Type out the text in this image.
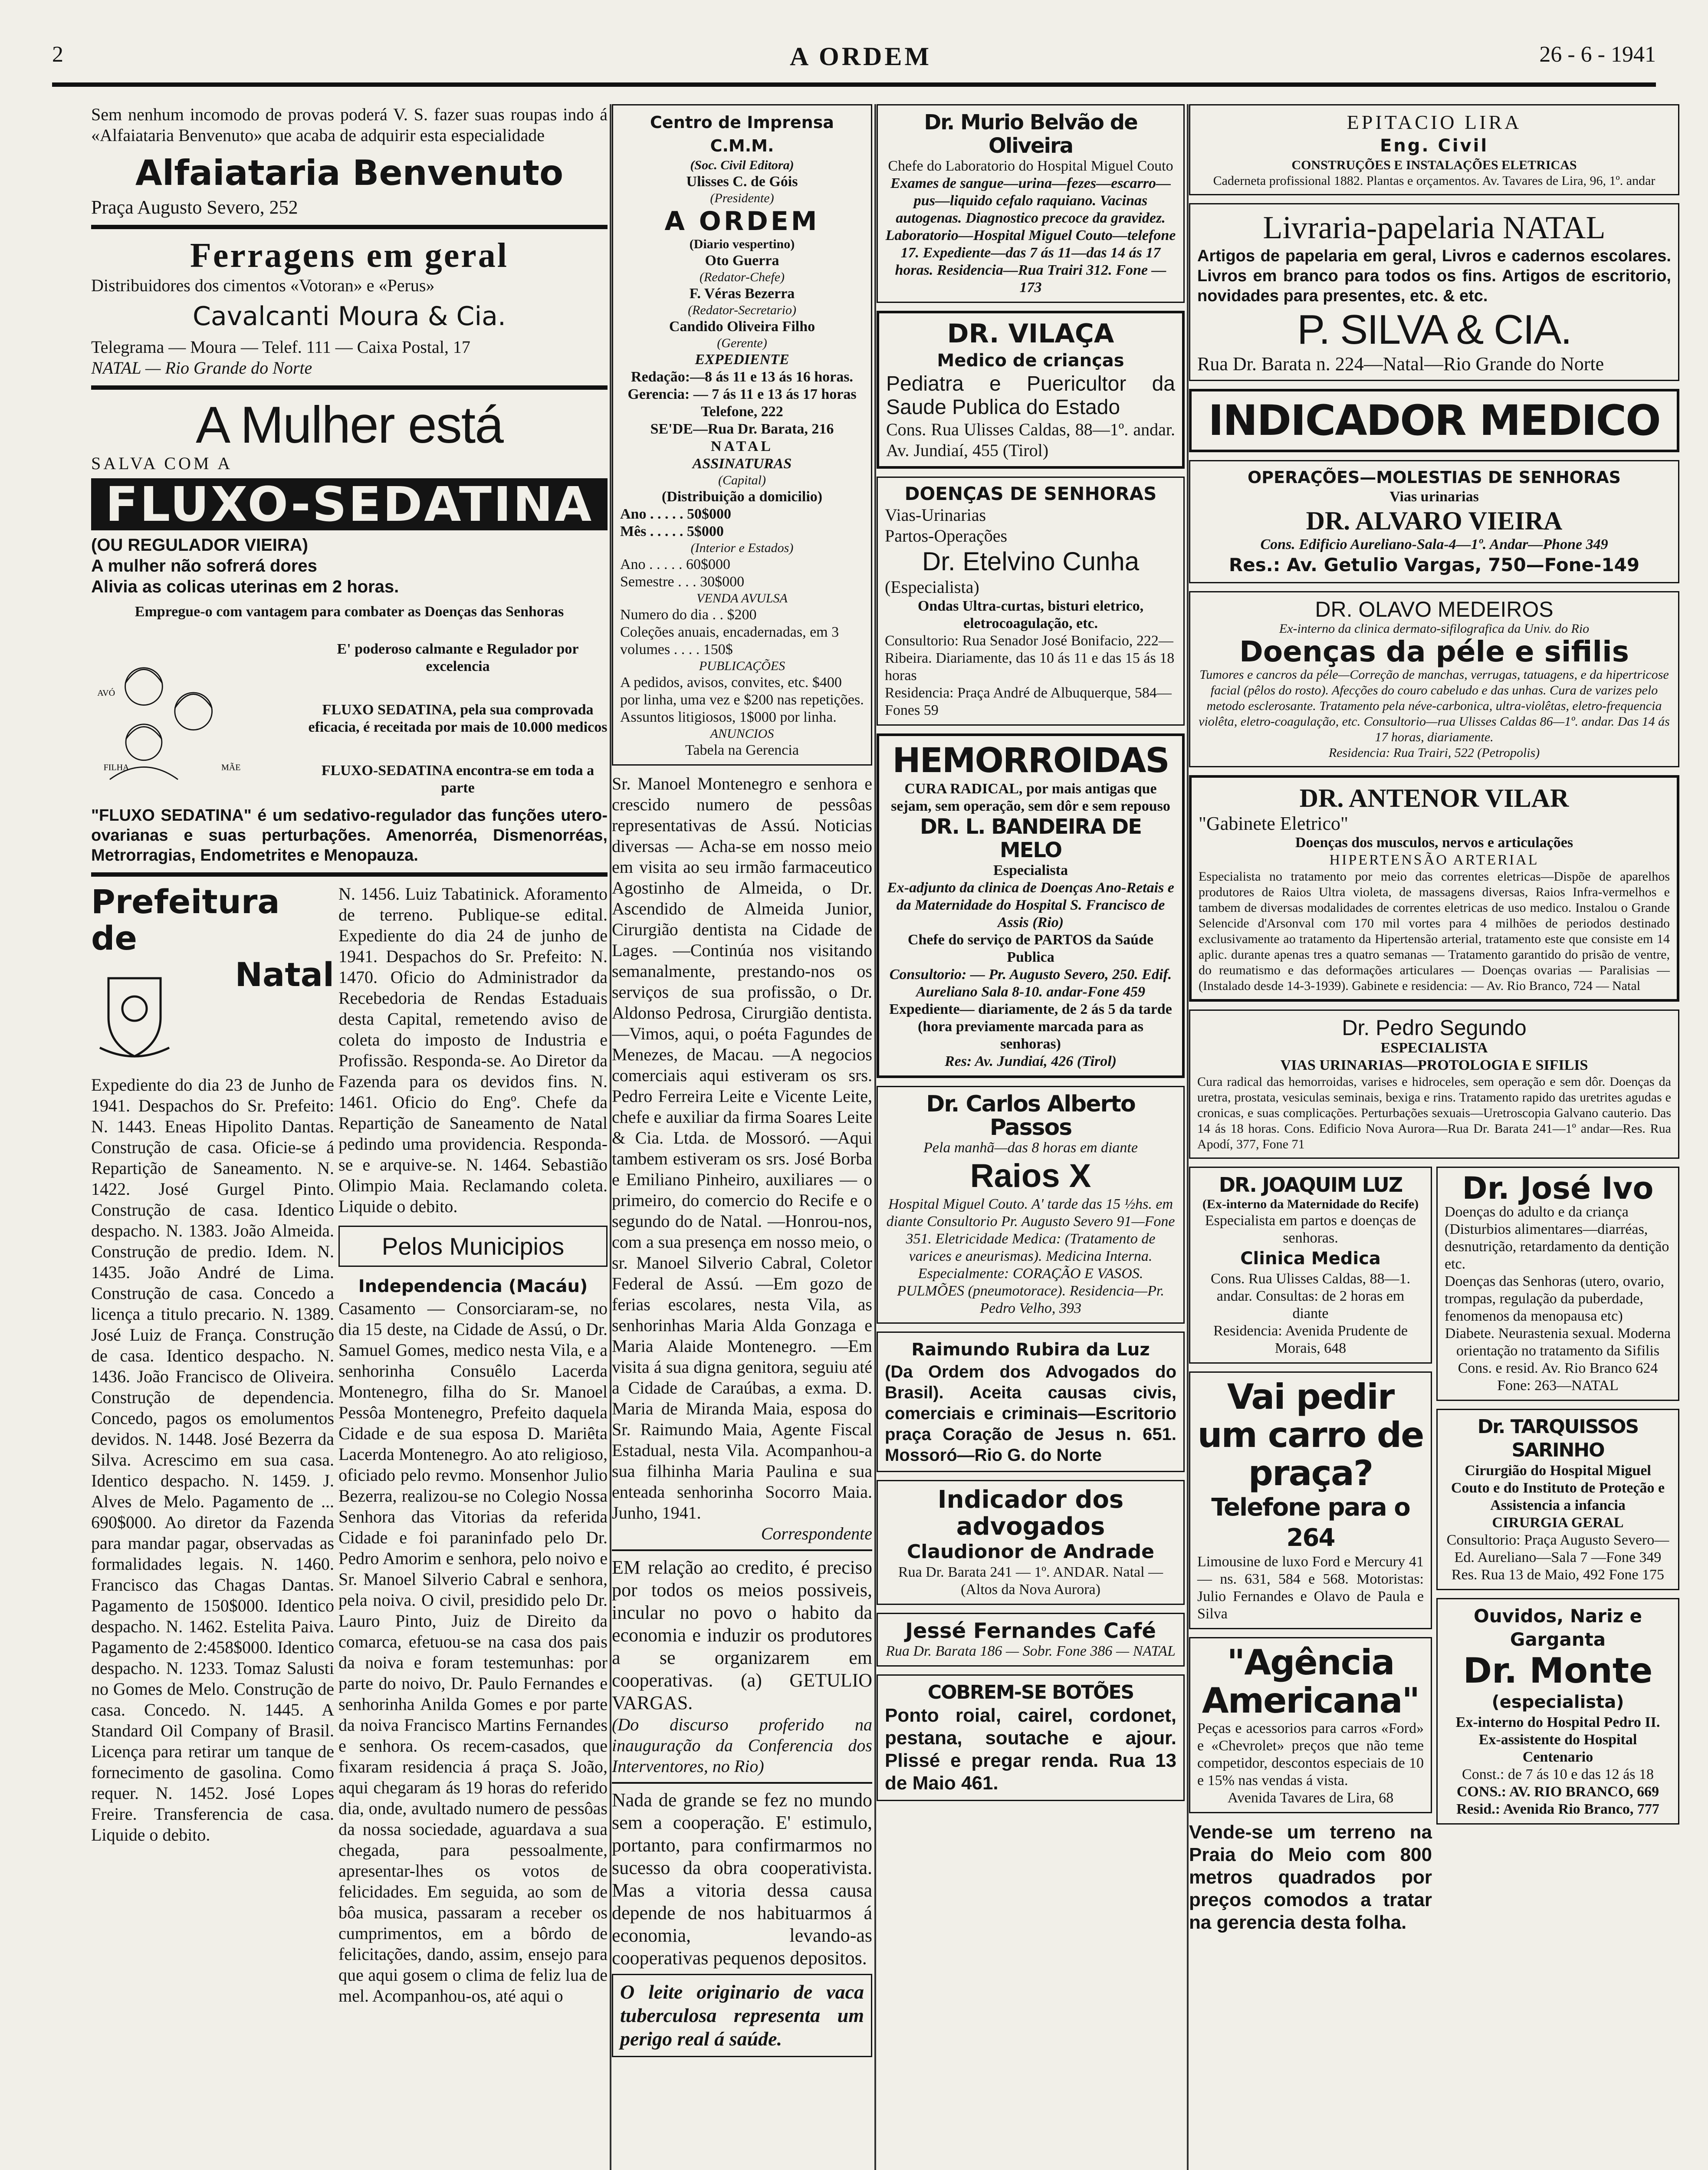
2	A ORDEM	26 - 6 - 1941
Sem nenhum incomodo de provas poderá V. S. fazer suas roupas indo á «Alfaiataria Benvenuto» que acaba de adquirir esta especialidade
Alfaiataria Benvenuto
Praça Augusto Severo, 252
Ferragens em geral
Distribuidores dos cimentos «Votoran» e «Perus»
Cavalcanti Moura & Cia.
Telegrama — Moura — Telef. 111 — Caixa Postal, 17
NATAL — Rio Grande do Norte
A Mulher está
SALVA COM A
FLUXO-SEDATINA
(OU REGULADOR VIEIRA)
A mulher não sofrerá dores
Alivia as colicas uterinas em 2 horas.
Empregue-o com vantagem para combater as Doenças das Senhoras
AVÓ
FILHA	MÃE
E' poderoso calmante e Regulador por excelencia
FLUXO SEDATINA, pela sua comprovada eficacia, é receitada por mais de 10.000 medicos
FLUXO-SEDATINA encontra-se em toda a parte
"FLUXO SEDATINA" é um sedativo-regulador das funções utero-ovarianas e suas perturbações. Amenorréa, Dismenorréas, Metrorragias, Endometrites e Menopauza.
Prefeitura de
Natal
Expediente do dia 23 de Junho de 1941. Despachos do Sr. Prefeito: N. 1443. Eneas Hipolito Dantas. Construção de casa. Oficie-se á Repartição de Saneamento. N. 1422. José Gurgel Pinto. Construção de casa. Identico despacho. N. 1383. João Almeida. Construção de predio. Idem. N. 1435. João André de Lima. Construção de casa. Concedo a licença a titulo precario. N. 1389. José Luiz de França. Construção de casa. Identico despacho. N. 1436. João Francisco de Oliveira. Construção de dependencia. Concedo, pagos os emolumentos devidos. N. 1448. José Bezerra da Silva. Acrescimo em sua casa. Identico despacho. N. 1459. J. Alves de Melo. Pagamento de ... 690$000. Ao diretor da Fazenda para mandar pagar, observadas as formalidades legais. N. 1460. Francisco das Chagas Dantas. Pagamento de 150$000. Identico despacho. N. 1462. Estelita Paiva. Pagamento de 2:458$000. Identico despacho. N. 1233. Tomaz Salusti no Gomes de Melo. Construção de casa. Concedo. N. 1445. A Standard Oil Company of Brasil. Licença para retirar um tanque de fornecimento de gasolina. Como requer. N. 1452. José Lopes Freire. Transferencia de casa. Liquide o debito.
N. 1456. Luiz Tabatinick. Aforamento de terreno. Publique-se edital. Expediente do dia 24 de junho de 1941. Despachos do Sr. Prefeito: N. 1470. Oficio do Administrador da Recebedoria de Rendas Estaduais desta Capital, remetendo aviso de coleta do imposto de Industria e Profissão. Responda-se. Ao Diretor da Fazenda para os devidos fins. N. 1461. Oficio do Engº. Chefe da Repartição de Saneamento de Natal pedindo uma providencia. Responda-se e arquive-se. N. 1464. Sebastião Olimpio Maia. Reclamando coleta. Liquide o debito.
Pelos Municipios
Independencia (Macáu)
Casamento — Consorciaram-se, no dia 15 deste, na Cidade de Assú, o Dr. Samuel Gomes, medico nesta Vila, e a senhorinha Consuêlo Lacerda Montenegro, filha do Sr. Manoel Pessôa Montenegro, Prefeito daquela Cidade e de sua esposa D. Mariêta Lacerda Montenegro. Ao ato religioso, oficiado pelo revmo. Monsenhor Julio Bezerra, realizou-se no Colegio Nossa Senhora das Vitorias da referida Cidade e foi paraninfado pelo Dr. Pedro Amorim e senhora, pelo noivo e Sr. Manoel Silverio Cabral e senhora, pela noiva. O civil, presidido pelo Dr. Lauro Pinto, Juiz de Direito da comarca, efetuou-se na casa dos pais da noiva e foram testemunhas: por parte do noivo, Dr. Paulo Fernandes e senhorinha Anilda Gomes e por parte da noiva Francisco Martins Fernandes e senhora. Os recem-casados, que fixaram residencia á praça S. João, aqui chegaram ás 19 horas do referido dia, onde, avultado numero de pessôas da nossa sociedade, aguardava a sua chegada, para pessoalmente, apresentar-lhes os votos de felicidades. Em seguida, ao som de bôa musica, passaram a receber os cumprimentos, em a bôrdo de felicitações, dando, assim, ensejo para que aqui gosem o clima de feliz lua de mel. Acompanhou-os, até aqui o
Centro de Imprensa C.M.M.
(Soc. Civil Editora)
Ulisses C. de Góis
(Presidente)
A ORDEM
(Diario vespertino)
Oto Guerra
(Redator-Chefe)
F. Véras Bezerra
(Redator-Secretario)
Candido Oliveira Filho
(Gerente)
EXPEDIENTE
Redação:—8 ás 11 e 13 ás 16 horas.
Gerencia: — 7 ás 11 e 13 ás 17 horas
Telefone, 222
SE'DE—Rua Dr. Barata, 216
NATAL
ASSINATURAS
(Capital)
(Distribuição a domicilio)
Ano . . . . . 50$000
Mês . . . . . 5$000
(Interior e Estados)
Ano . . . . . 60$000
Semestre . . . 30$000
VENDA AVULSA
Numero do dia . . $200
Coleções anuais, encadernadas, em 3 volumes . . . . 150$
PUBLICAÇÕES
A pedidos, avisos, convites, etc. $400 por linha, uma vez e $200 nas repetições. Assuntos litigiosos, 1$000 por linha.
ANUNCIOS
Tabela na Gerencia
Sr. Manoel Montenegro e senhora e crescido numero de pessôas representativas de Assú. Noticias diversas — Acha-se em nosso meio em visita ao seu irmão farmaceutico Agostinho de Almeida, o Dr. Ascendido de Almeida Junior, Cirurgião dentista na Cidade de Lages. —Continúa nos visitando semanalmente, prestando-nos os serviços de sua profissão, o Dr. Aldonso Pedrosa, Cirurgião dentista. —Vimos, aqui, o poéta Fagundes de Menezes, de Macau. —A negocios comerciais aqui estiveram os srs. Pedro Ferreira Leite e Vicente Leite, chefe e auxiliar da firma Soares Leite & Cia. Ltda. de Mossoró. —Aqui tambem estiveram os srs. José Borba e Emiliano Pinheiro, auxiliares — o primeiro, do comercio do Recife e o segundo do de Natal. —Honrou-nos, com a sua presença em nosso meio, o sr. Manoel Silverio Cabral, Coletor Federal de Assú. —Em gozo de ferias escolares, nesta Vila, as senhorinhas Maria Alda Gonzaga e Maria Alaide Montenegro. —Em visita á sua digna genitora, seguiu até a Cidade de Caraúbas, a exma. D. Maria de Miranda Maia, esposa do Sr. Raimundo Maia, Agente Fiscal Estadual, nesta Vila. Acompanhou-a sua filhinha Maria Paulina e sua enteada senhorinha Socorro Maia. Junho, 1941.
Correspondente
EM relação ao credito, é preciso por todos os meios possiveis, incular no povo o habito da economia e induzir os produtores a se organizarem em cooperativas. (a) GETULIO VARGAS.
(Do discurso proferido na inauguração da Conferencia dos Interventores, no Rio)
Nada de grande se fez no mundo sem a cooperação. E' estimulo, portanto, para confirmarmos no sucesso da obra cooperativista. Mas a vitoria dessa causa depende de nos habituarmos á economia, levando-as cooperativas pequenos depositos.
O leite originario de vaca tuberculosa representa um perigo real á saúde.
Dr. Murio Belvão de Oliveira
Chefe do Laboratorio do Hospital Miguel Couto
Exames de sangue—urina—fezes—escarro—pus—liquido cefalo raquiano. Vacinas autogenas. Diagnostico precoce da gravidez. Laboratorio—Hospital Miguel Couto—telefone 17. Expediente—das 7 ás 11—das 14 ás 17 horas. Residencia—Rua Trairi 312. Fone — 173
DR. VILAÇA
Medico de crianças
Pediatra e Puericultor da Saude Publica do Estado
Cons. Rua Ulisses Caldas, 88—1º. andar. Av. Jundiaí, 455 (Tirol)
DOENÇAS DE SENHORAS
Vias-Urinarias
Partos-Operações
Dr. Etelvino Cunha
(Especialista)
Ondas Ultra-curtas, bisturi eletrico, eletrocoagulação, etc.
Consultorio: Rua Senador José Bonifacio, 222—Ribeira. Diariamente, das 10 ás 11 e das 15 ás 18 horas
Residencia: Praça André de Albuquerque, 584—Fones 59
HEMORROIDAS
CURA RADICAL, por mais antigas que sejam, sem operação, sem dôr e sem repouso
DR. L. BANDEIRA DE MELO
Especialista
Ex-adjunto da clinica de Doenças Ano-Retais e da Maternidade do Hospital S. Francisco de Assis (Rio)
Chefe do serviço de PARTOS da Saúde Publica
Consultorio: — Pr. Augusto Severo, 250. Edif. Aureliano Sala 8-10. andar-Fone 459
Expediente— diariamente, de 2 ás 5 da tarde (hora previamente marcada para as senhoras)
Res: Av. Jundiaí, 426 (Tirol)
Dr. Carlos Alberto Passos
Pela manhã—das 8 horas em diante
Raios X
Hospital Miguel Couto. A' tarde das 15 ½hs. em diante Consultorio Pr. Augusto Severo 91—Fone 351. Eletricidade Medica: (Tratamento de varices e aneurismas). Medicina Interna. Especialmente: CORAÇÃO E VASOS. PULMÕES (pneumotorace). Residencia—Pr. Pedro Velho, 393
Raimundo Rubira da Luz
(Da Ordem dos Advogados do Brasil). Aceita causas civis, comerciais e criminais—Escritorio praça Coração de Jesus n. 651. Mossoró—Rio G. do Norte
Indicador dos advogados
Claudionor de Andrade
Rua Dr. Barata 241 — 1º. ANDAR. Natal — (Altos da Nova Aurora)
Jessé Fernandes Café
Rua Dr. Barata 186 — Sobr. Fone 386 — NATAL
COBREM-SE BOTÕES
Ponto roial, cairel, cordonet, pestana, soutache e ajour. Plissé e pregar renda. Rua 13 de Maio 461.
EPITACIO LIRA
Eng. Civil
CONSTRUÇÕES E INSTALAÇÕES ELETRICAS
Caderneta profissional 1882. Plantas e orçamentos. Av. Tavares de Lira, 96, 1º. andar
Livraria-papelaria NATAL
Artigos de papelaria em geral, Livros e cadernos escolares. Livros em branco para todos os fins. Artigos de escritorio, novidades para presentes, etc. & etc.
P. SILVA & CIA.
Rua Dr. Barata n. 224—Natal—Rio Grande do Norte
INDICADOR MEDICO
OPERAÇÕES—MOLESTIAS DE SENHORAS
Vias urinarias
DR. ALVARO VIEIRA
Cons. Edificio Aureliano-Sala-4—1º. Andar—Phone 349
Res.: Av. Getulio Vargas, 750—Fone-149
DR. OLAVO MEDEIROS
Ex-interno da clinica dermato-sifilografica da Univ. do Rio
Doenças da péle e sifilis
Tumores e cancros da péle—Correção de manchas, verrugas, tatuagens, e da hipertricose facial (pêlos do rosto). Afecções do couro cabeludo e das unhas. Cura de varizes pelo metodo esclerosante. Tratamento pela néve-carbonica, ultra-violêtas, eletro-frequencia violêta, eletro-coagulação, etc. Consultorio—rua Ulisses Caldas 86—1º. andar. Das 14 ás 17 horas, diariamente.
Residencia: Rua Trairi, 522 (Petropolis)
DR. ANTENOR VILAR
"Gabinete Eletrico"
Doenças dos musculos, nervos e articulações
HIPERTENSÃO ARTERIAL
Especialista no tratamento por meio das correntes eletricas—Dispõe de aparelhos produtores de Raios Ultra violeta, de massagens diversas, Raios Infra-vermelhos e tambem de diversas modalidades de correntes eletricas de uso medico. Instalou o Grande Selencide d'Arsonval com 170 mil vortes para 4 milhões de periodos destinado exclusivamente ao tratamento da Hipertensão arterial, tratamento este que consiste em 14 aplic. durante apenas tres a quatro semanas — Tratamento garantido do prisão de ventre, do reumatismo e das deformações articulares — Doenças ovarias — Paralisias — (Instalado desde 14-3-1939). Gabinete e residencia: — Av. Rio Branco, 724 — Natal
Dr. Pedro Segundo
ESPECIALISTA
VIAS URINARIAS—PROTOLOGIA E SIFILIS
Cura radical das hemorroidas, varises e hidroceles, sem operação e sem dôr. Doenças da uretra, prostata, vesiculas seminais, bexiga e rins. Tratamento rapido das uretrites agudas e cronicas, e suas complicações. Perturbações sexuais—Uretroscopia Galvano cauterio. Das 14 ás 18 horas. Cons. Edificio Nova Aurora—Rua Dr. Barata 241—1º andar—Res. Rua Apodí, 377, Fone 71
DR. JOAQUIM LUZ
(Ex-interno da Maternidade do Recife)
Especialista em partos e doenças de senhoras.
Clinica Medica
Cons. Rua Ulisses Caldas, 88—1. andar. Consultas: de 2 horas em diante
Residencia: Avenida Prudente de Morais, 648
Vai pedir um carro de praça?
Telefone para o 264
Limousine de luxo Ford e Mercury 41 — ns. 631, 584 e 568. Motoristas: Julio Fernandes e Olavo de Paula e Silva
"Agência Americana"
Peças e acessorios para carros «Ford» e «Chevrolet» preços que não teme competidor, descontos especiais de 10 e 15% nas vendas á vista.
Avenida Tavares de Lira, 68
Vende-se um terreno na Praia do Meio com 800 metros quadrados por preços comodos a tratar na gerencia desta folha.
Dr. José Ivo
Doenças do adulto e da criança (Disturbios alimentares—diarréas, desnutrição, retardamento da dentição etc.
Doenças das Senhoras (utero, ovario, trompas, regulação da puberdade, fenomenos da menopausa etc)
Diabete. Neurastenia sexual. Moderna orientação no tratamento da Sifilis
Cons. e resid. Av. Rio Branco 624
Fone: 263—NATAL
Dr. TARQUISSOS SARINHO
Cirurgião do Hospital Miguel Couto e do Instituto de Proteção e Assistencia a infancia
CIRURGIA GERAL
Consultorio: Praça Augusto Severo—Ed. Aureliano—Sala 7 —Fone 349
Res. Rua 13 de Maio, 492 Fone 175
Ouvidos, Nariz e Garganta
Dr. Monte
(especialista)
Ex-interno do Hospital Pedro II. Ex-assistente do Hospital Centenario
Const.: de 7 ás 10 e das 12 ás 18
CONS.: AV. RIO BRANCO, 669
Resid.: Avenida Rio Branco, 777
